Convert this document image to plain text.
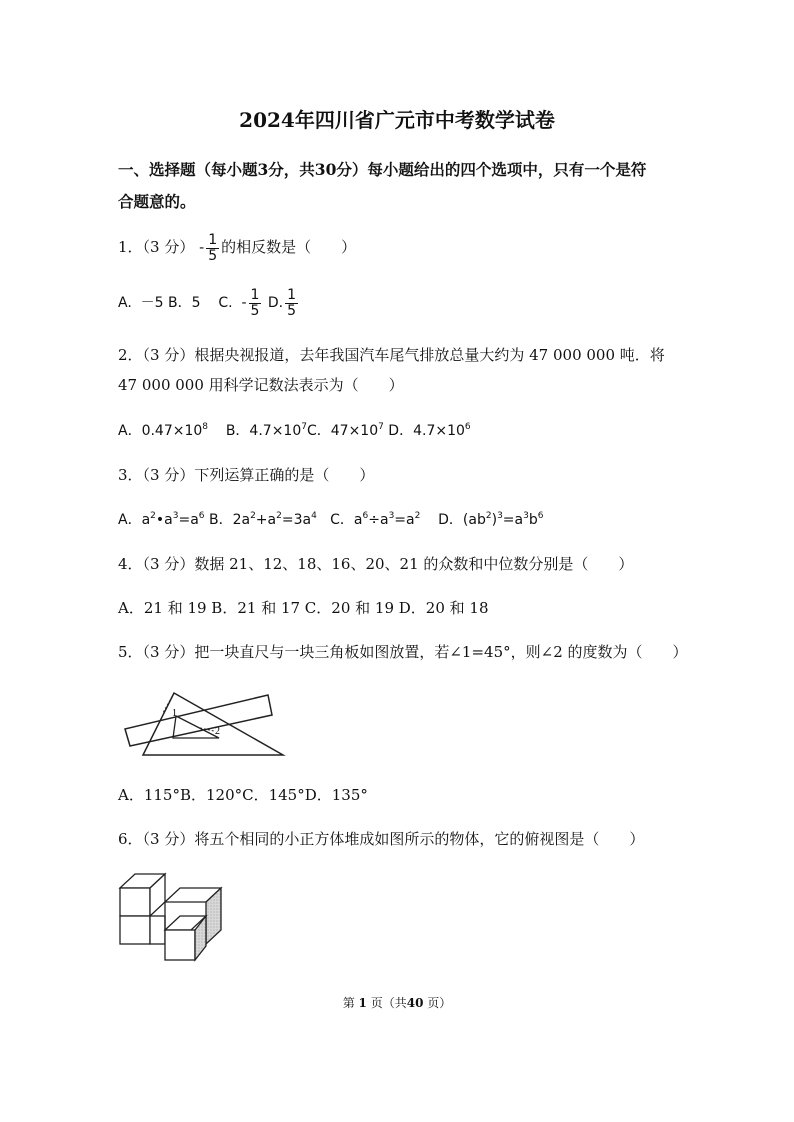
2024年四川省广元市中考数学试卷
一、选择题（每小题3分，共30分）每小题给出的四个选项中，只有一个是符
合题意的。
1．（3 分） - $\frac{1}{5}$ 的相反数是（　　）
A.  －5 B．5    C.  - $\frac{1}{5} D$. $\frac{1}{5}$
2．（3 分）根据央视报道，去年我国汽车尾气排放总量大约为 47 000 000 吨．将
47 000 000 用科学记数法表示为（　　）
A．$0.47\times 10^8$    B．$4.7\times 10^7C$．$47\times 10^7$ D．$4.7\times 10^6$
3．（3 分）下列运算正确的是（　　）
A．$a^2•a^3=a^6$ B．$2a^2+a^2=3a^4$   C．$a^6\div a^3=a^2$    D．$(ab^2)^3=a^3b^6$
4．（3 分）数据 21、12、18、16、20、21 的众数和中位数分别是（　　）
A．21 和 19 B．21 和 17 C．20 和 19 D．20 和 18
5．（3 分）把一块直尺与一块三角板如图放置，若∠1=45°，则∠2 的度数为（　　）
1
2
A．115°B．120°C．145°D．135°
6．（3 分）将五个相同的小正方体堆成如图所示的物体，它的俯视图是（　　）
第 1 页（共40 页）
